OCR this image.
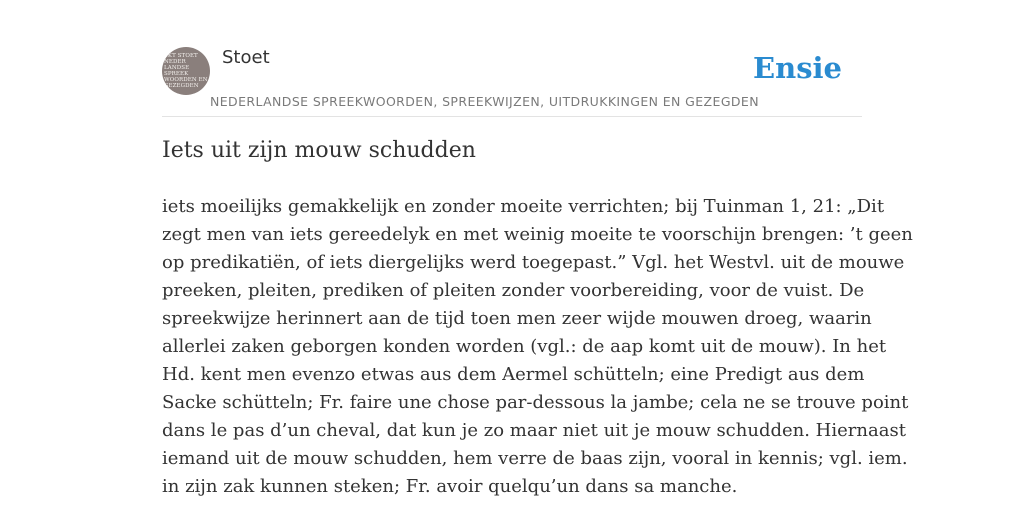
SKT STOET
NEDER
LANDSE
SPREEK
WOORDEN EN
GEZEGDEN
Stoet
NEDERLANDSE SPREEKWOORDEN, SPREEKWIJZEN, UITDRUKKINGEN EN GEZEGDEN
Ensie
Iets uit zijn mouw schudden
iets moeilijks gemakkelijk en zonder moeite verrichten; bij Tuinman 1, 21: „Dit
zegt men van iets gereedelyk en met weinig moeite te voorschijn brengen: ’t geen
op predikatiën, of iets diergelijks werd toegepast.” Vgl. het Westvl. uit de mouwe
preeken, pleiten, prediken of pleiten zonder voorbereiding, voor de vuist. De
spreekwijze herinnert aan de tijd toen men zeer wijde mouwen droeg, waarin
allerlei zaken geborgen konden worden (vgl.: de aap komt uit de mouw). In het
Hd. kent men evenzo etwas aus dem Aermel schütteln; eine Predigt aus dem
Sacke schütteln; Fr. faire une chose par-dessous la jambe; cela ne se trouve point
dans le pas d’un cheval, dat kun je zo maar niet uit je mouw schudden. Hiernaast
iemand uit de mouw schudden, hem verre de baas zijn, vooral in kennis; vgl. iem.
in zijn zak kunnen steken; Fr. avoir quelqu’un dans sa manche.
